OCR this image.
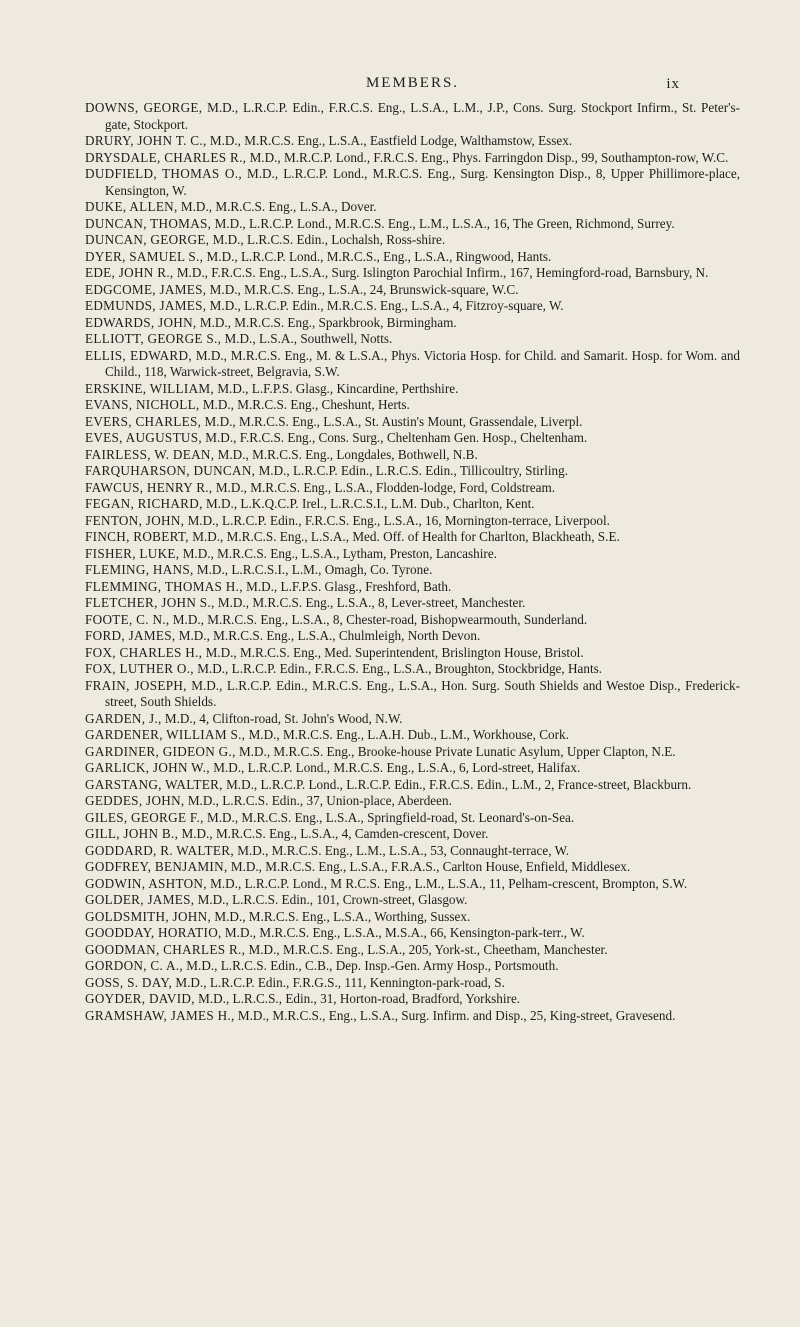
MEMBERS.	ix
DOWNS, GEORGE, M.D., L.R.C.P. Edin., F.R.C.S. Eng., L.S.A., L.M., J.P., Cons. Surg. Stockport Infirm., St. Peter's-gate, Stockport.
DRURY, JOHN T. C., M.D., M.R.C.S. Eng., L.S.A., Eastfield Lodge, Walthamstow, Essex.
DRYSDALE, CHARLES R., M.D., M.R.C.P. Lond., F.R.C.S. Eng., Phys. Farringdon Disp., 99, Southampton-row, W.C.
DUDFIELD, THOMAS O., M.D., L.R.C.P. Lond., M.R.C.S. Eng., Surg. Kensington Disp., 8, Upper Phillimore-place, Kensington, W.
DUKE, ALLEN, M.D., M.R.C.S. Eng., L.S.A., Dover.
DUNCAN, THOMAS, M.D., L.R.C.P. Lond., M.R.C.S. Eng., L.M., L.S.A., 16, The Green, Richmond, Surrey.
DUNCAN, GEORGE, M.D., L.R.C.S. Edin., Lochalsh, Ross-shire.
DYER, SAMUEL S., M.D., L.R.C.P. Lond., M.R.C.S., Eng., L.S.A., Ringwood, Hants.
EDE, JOHN R., M.D., F.R.C.S. Eng., L.S.A., Surg. Islington Parochial Infirm., 167, Hemingford-road, Barnsbury, N.
EDGCOME, JAMES, M.D., M.R.C.S. Eng., L.S.A., 24, Brunswick-square, W.C.
EDMUNDS, JAMES, M.D., L.R.C.P. Edin., M.R.C.S. Eng., L.S.A., 4, Fitzroy-square, W.
EDWARDS, JOHN, M.D., M.R.C.S. Eng., Sparkbrook, Birmingham.
ELLIOTT, GEORGE S., M.D., L.S.A., Southwell, Notts.
ELLIS, EDWARD, M.D., M.R.C.S. Eng., M. & L.S.A., Phys. Victoria Hosp. for Child. and Samarit. Hosp. for Wom. and Child., 118, Warwick-street, Belgravia, S.W.
ERSKINE, WILLIAM, M.D., L.F.P.S. Glasg., Kincardine, Perthshire.
EVANS, NICHOLL, M.D., M.R.C.S. Eng., Cheshunt, Herts.
EVERS, CHARLES, M.D., M.R.C.S. Eng., L.S.A., St. Austin's Mount, Grassendale, Liverpl.
EVES, AUGUSTUS, M.D., F.R.C.S. Eng., Cons. Surg., Cheltenham Gen. Hosp., Cheltenham.
FAIRLESS, W. DEAN, M.D., M.R.C.S. Eng., Longdales, Bothwell, N.B.
FARQUHARSON, DUNCAN, M.D., L.R.C.P. Edin., L.R.C.S. Edin., Tillicoultry, Stirling.
FAWCUS, HENRY R., M.D., M.R.C.S. Eng., L.S.A., Flodden-lodge, Ford, Coldstream.
FEGAN, RICHARD, M.D., L.K.Q.C.P. Irel., L.R.C.S.I., L.M. Dub., Charlton, Kent.
FENTON, JOHN, M.D., L.R.C.P. Edin., F.R.C.S. Eng., L.S.A., 16, Mornington-terrace, Liverpool.
FINCH, ROBERT, M.D., M.R.C.S. Eng., L.S.A., Med. Off. of Health for Charlton, Blackheath, S.E.
FISHER, LUKE, M.D., M.R.C.S. Eng., L.S.A., Lytham, Preston, Lancashire.
FLEMING, HANS, M.D., L.R.C.S.I., L.M., Omagh, Co. Tyrone.
FLEMMING, THOMAS H., M.D., L.F.P.S. Glasg., Freshford, Bath.
FLETCHER, JOHN S., M.D., M.R.C.S. Eng., L.S.A., 8, Lever-street, Manchester.
FOOTE, C. N., M.D., M.R.C.S. Eng., L.S.A., 8, Chester-road, Bishopwearmouth, Sunderland.
FORD, JAMES, M.D., M.R.C.S. Eng., L.S.A., Chulmleigh, North Devon.
FOX, CHARLES H., M.D., M.R.C.S. Eng., Med. Superintendent, Brislington House, Bristol.
FOX, LUTHER O., M.D., L.R.C.P. Edin., F.R.C.S. Eng., L.S.A., Broughton, Stockbridge, Hants.
FRAIN, JOSEPH, M.D., L.R.C.P. Edin., M.R.C.S. Eng., L.S.A., Hon. Surg. South Shields and Westoe Disp., Frederick-street, South Shields.
GARDEN, J., M.D., 4, Clifton-road, St. John's Wood, N.W.
GARDENER, WILLIAM S., M.D., M.R.C.S. Eng., L.A.H. Dub., L.M., Workhouse, Cork.
GARDINER, GIDEON G., M.D., M.R.C.S. Eng., Brooke-house Private Lunatic Asylum, Upper Clapton, N.E.
GARLICK, JOHN W., M.D., L.R.C.P. Lond., M.R.C.S. Eng., L.S.A., 6, Lord-street, Halifax.
GARSTANG, WALTER, M.D., L.R.C.P. Lond., L.R.C.P. Edin., F.R.C.S. Edin., L.M., 2, France-street, Blackburn.
GEDDES, JOHN, M.D., L.R.C.S. Edin., 37, Union-place, Aberdeen.
GILES, GEORGE F., M.D., M.R.C.S. Eng., L.S.A., Springfield-road, St. Leonard's-on-Sea.
GILL, JOHN B., M.D., M.R.C.S. Eng., L.S.A., 4, Camden-crescent, Dover.
GODDARD, R. WALTER, M.D., M.R.C.S. Eng., L.M., L.S.A., 53, Connaught-terrace, W.
GODFREY, BENJAMIN, M.D., M.R.C.S. Eng., L.S.A., F.R.A.S., Carlton House, Enfield, Middlesex.
GODWIN, ASHTON, M.D., L.R.C.P. Lond., M R.C.S. Eng., L.M., L.S.A., 11, Pelham-crescent, Brompton, S.W.
GOLDER, JAMES, M.D., L.R.C.S. Edin., 101, Crown-street, Glasgow.
GOLDSMITH, JOHN, M.D., M.R.C.S. Eng., L.S.A., Worthing, Sussex.
GOODDAY, HORATIO, M.D., M.R.C.S. Eng., L.S.A., M.S.A., 66, Kensington-park-terr., W.
GOODMAN, CHARLES R., M.D., M.R.C.S. Eng., L.S.A., 205, York-st., Cheetham, Manchester.
GORDON, C. A., M.D., L.R.C.S. Edin., C.B., Dep. Insp.-Gen. Army Hosp., Portsmouth.
GOSS, S. DAY, M.D., L.R.C.P. Edin., F.R.G.S., 111, Kennington-park-road, S.
GOYDER, DAVID, M.D., L.R.C.S., Edin., 31, Horton-road, Bradford, Yorkshire.
GRAMSHAW, JAMES H., M.D., M.R.C.S., Eng., L.S.A., Surg. Infirm. and Disp., 25, King-street, Gravesend.
